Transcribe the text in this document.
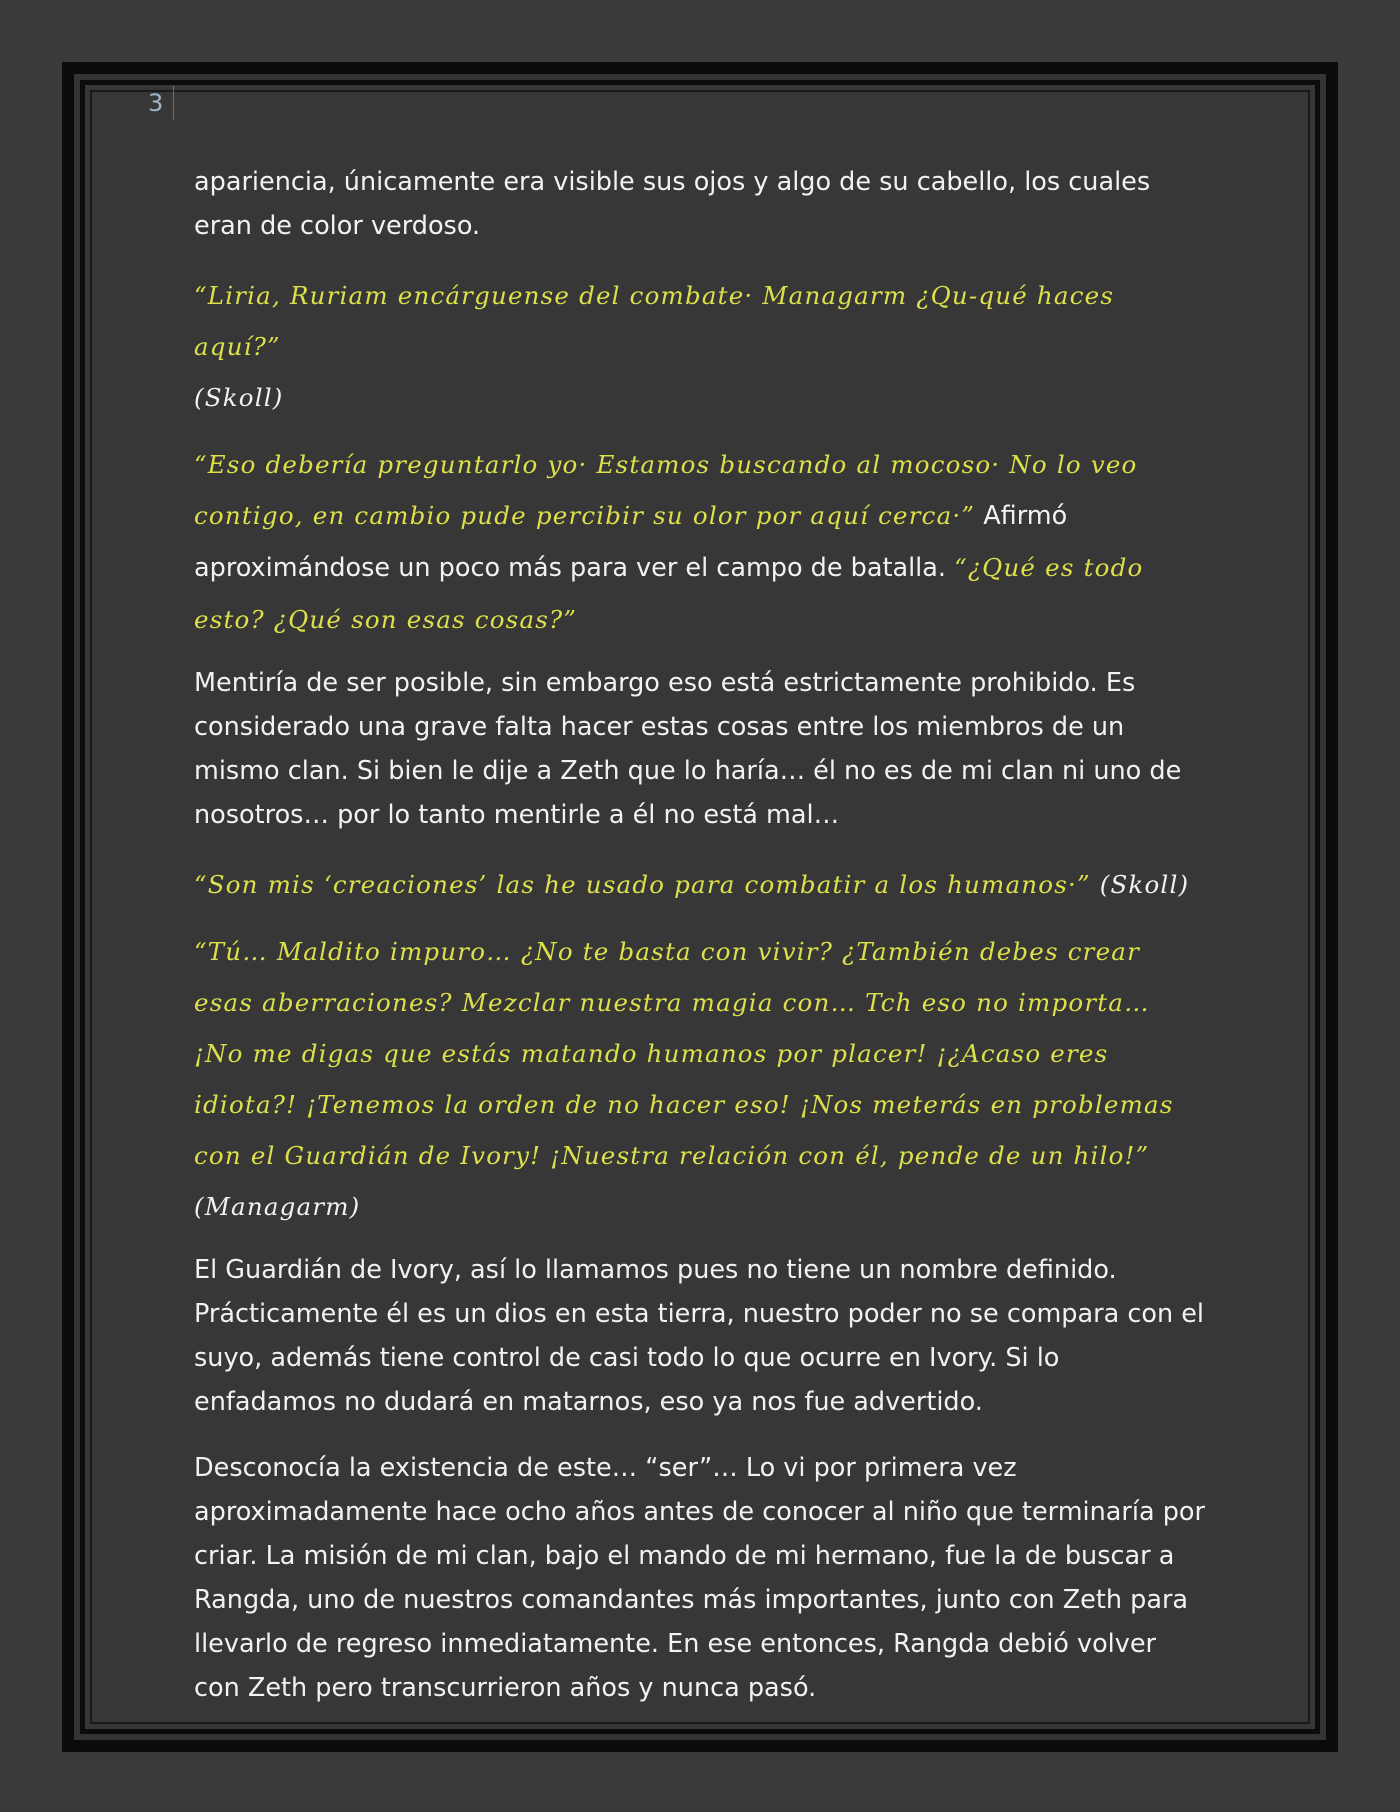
3

apariencia, únicamente era visible sus ojos y algo de su cabello, los cuales eran de color verdoso.

“Liria, Ruriam encárguense del combate· Managarm ¿Qu-qué haces aquí?”
(Skoll)

“Eso debería preguntarlo yo· Estamos buscando al mocoso· No lo veo contigo, en cambio pude percibir su olor por aquí cerca·” Afirmó aproximándose un poco más para ver el campo de batalla. “¿Qué es todo esto? ¿Qué son esas cosas?”

Mentiría de ser posible, sin embargo eso está estrictamente prohibido. Es considerado una grave falta hacer estas cosas entre los miembros de un mismo clan. Si bien le dije a Zeth que lo haría… él no es de mi clan ni uno de nosotros… por lo tanto mentirle a él no está mal…

“Son mis ‘creaciones’ las he usado para combatir a los humanos·” (Skoll)

“Tú… Maldito impuro… ¿No te basta con vivir? ¿También debes crear esas aberraciones? Mezclar nuestra magia con… Tch eso no importa… ¡No me digas que estás matando humanos por placer! ¡¿Acaso eres idiota?! ¡Tenemos la orden de no hacer eso! ¡Nos meterás en problemas con el Guardián de Ivory! ¡Nuestra relación con él, pende de un hilo!” (Managarm)

El Guardián de Ivory, así lo llamamos pues no tiene un nombre definido. Prácticamente él es un dios en esta tierra, nuestro poder no se compara con el suyo, además tiene control de casi todo lo que ocurre en Ivory. Si lo enfadamos no dudará en matarnos, eso ya nos fue advertido.

Desconocía la existencia de este… “ser”… Lo vi por primera vez aproximadamente hace ocho años antes de conocer al niño que terminaría por criar. La misión de mi clan, bajo el mando de mi hermano, fue la de buscar a Rangda, uno de nuestros comandantes más importantes, junto con Zeth para llevarlo de regreso inmediatamente. En ese entonces, Rangda debió volver con Zeth pero transcurrieron años y nunca pasó.
